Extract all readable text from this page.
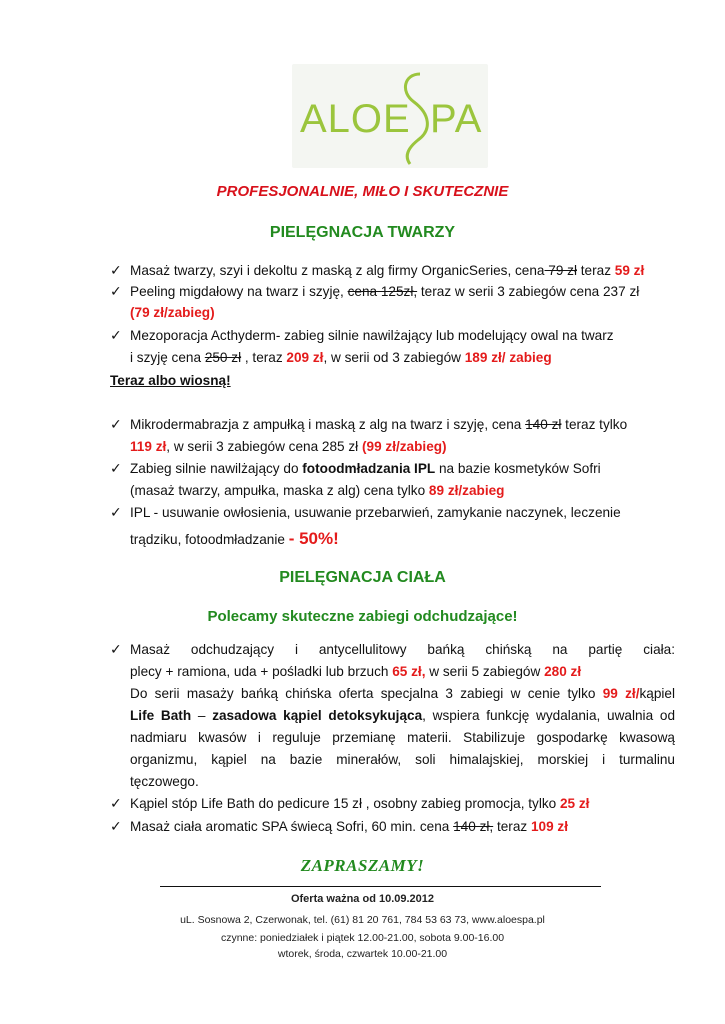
ALOE PA
PROFESJONALNIE, MIŁO I SKUTECZNIE
PIELĘGNACJA TWARZY
✓ Masaż twarzy, szyi i dekoltu z maską z alg firmy OrganicSeries, cena 79 zł teraz 59 zł
✓ Peeling migdałowy na twarz i szyję, cena 125zł, teraz w serii 3 zabiegów cena 237 zł
(79 zł/zabieg)
✓ Mezoporacja Acthyderm- zabieg silnie nawilżający lub modelujący owal na twarz
i szyję cena 250 zł , teraz 209 zł, w serii od 3 zabiegów 189 zł/ zabieg
Teraz albo wiosną!
✓ Mikrodermabrazja z ampułką i maską z alg na twarz i szyję, cena 140 zł teraz tylko
119 zł, w serii 3 zabiegów cena 285 zł (99 zł/zabieg)
✓ Zabieg silnie nawilżający do fotoodmładzania IPL na bazie kosmetyków Sofri
(masaż twarzy, ampułka, maska z alg) cena tylko 89 zł/zabieg
✓ IPL - usuwanie owłosienia, usuwanie przebarwień, zamykanie naczynek, leczenie
trądziku, fotoodmładzanie - 50%!
PIELĘGNACJA CIAŁA
Polecamy skuteczne zabiegi odchudzające!
✓ Masaż odchudzający i antycellulitowy bańką chińską na partię ciała:
plecy + ramiona, uda + pośladki lub brzuch 65 zł, w serii 5 zabiegów 280 zł
Do serii masaży bańką chińska oferta specjalna 3 zabiegi w cenie tylko 99 zł/kąpiel
Life Bath – zasadowa kąpiel detoksykująca, wspiera funkcję wydalania, uwalnia od
nadmiaru kwasów i reguluje przemianę materii. Stabilizuje gospodarkę kwasową
organizmu, kąpiel na bazie minerałów, soli himalajskiej, morskiej i turmalinu
tęczowego.
✓ Kąpiel stóp Life Bath do pedicure 15 zł , osobny zabieg promocja, tylko 25 zł
✓ Masaż ciała aromatic SPA świecą Sofri, 60 min. cena 140 zł, teraz 109 zł
ZAPRASZAMY!
Oferta ważna od 10.09.2012
uL. Sosnowa 2, Czerwonak, tel. (61) 81 20 761, 784 53 63 73, www.aloespa.pl
czynne: poniedziałek i piątek 12.00-21.00, sobota 9.00-16.00
wtorek, środa, czwartek 10.00-21.00
